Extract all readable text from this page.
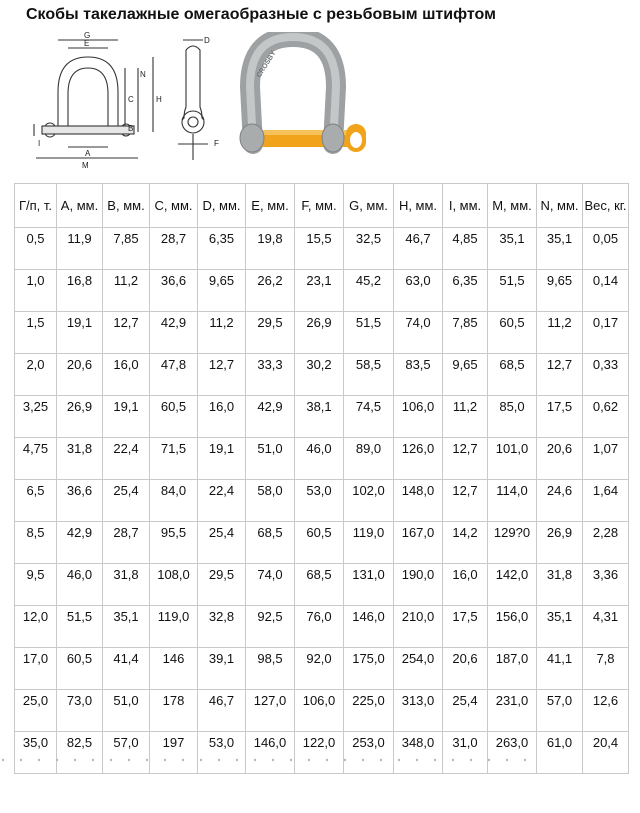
Скобы такелажные омегаобразные с резьбовым штифтом
G
E
A
B
C	H
N
I
M
D
F
CROSBY
Г/п, т.	A, мм.	B, мм.	C, мм.	D, мм.	E, мм.	F, мм.	G, мм.	H, мм.	I, мм.	M, мм.	N, мм.	Вес, кг.
0,5	11,9	7,85	28,7	6,35	19,8	15,5	32,5	46,7	4,85	35,1	35,1	0,05
1,0	16,8	11,2	36,6	9,65	26,2	23,1	45,2	63,0	6,35	51,5	9,65	0,14
1,5	19,1	12,7	42,9	11,2	29,5	26,9	51,5	74,0	7,85	60,5	11,2	0,17
2,0	20,6	16,0	47,8	12,7	33,3	30,2	58,5	83,5	9,65	68,5	12,7	0,33
3,25	26,9	19,1	60,5	16,0	42,9	38,1	74,5	106,0	11,2	85,0	17,5	0,62
4,75	31,8	22,4	71,5	19,1	51,0	46,0	89,0	126,0	12,7	101,0	20,6	1,07
6,5	36,6	25,4	84,0	22,4	58,0	53,0	102,0	148,0	12,7	114,0	24,6	1,64
8,5	42,9	28,7	95,5	25,4	68,5	60,5	119,0	167,0	14,2	129?0	26,9	2,28
9,5	46,0	31,8	108,0	29,5	74,0	68,5	131,0	190,0	16,0	142,0	31,8	3,36
12,0	51,5	35,1	119,0	32,8	92,5	76,0	146,0	210,0	17,5	156,0	35,1	4,31
17,0	60,5	41,4	146	39,1	98,5	92,0	175,0	254,0	20,6	187,0	41,1	7,8
25,0	73,0	51,0	178	46,7	127,0	106,0	225,0	313,0	25,4	231,0	57,0	12,6
35,0	82,5	57,0	197	53,0	146,0	122,0	253,0	348,0	31,0	263,0	61,0	20,4
